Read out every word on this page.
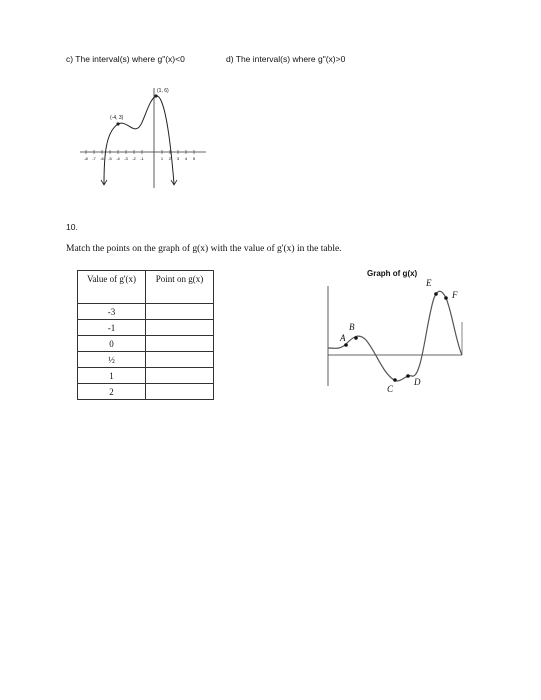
c) The interval(s) where g"(x)<0	d) The interval(s) where g"(x)>0
-8 -7 -6 -5 -4 -3 -2 -1	1 2 3 4 5
(-4, 3)
(1, 6)
10.
Match the points on the graph of g(x) with the value of g'(x) in the table.
Value of g'(x)	Point on g(x)
-3	
-1	
0	
½	
1	
2	
Graph of g(x)
A
B
C
D
E
F
